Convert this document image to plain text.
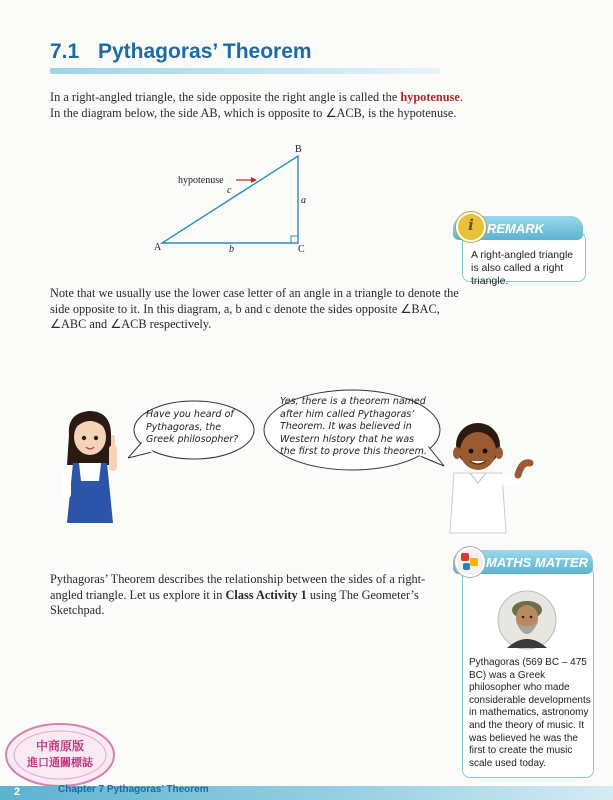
7.1 Pythagoras’ Theorem
In a right-angled triangle, the side opposite the right angle is called the hypotenuse.
In the diagram below, the side AB, which is opposite to ∠ACB, is the hypotenuse.
A
B
C
a
b
c
hypotenuse
A right-angled triangle is also called a right triangle.
i	REMARK
Note that we usually use the lower case letter of an angle in a triangle to denote the side opposite to it. In this diagram, a, b and c denote the sides opposite ∠BAC, ∠ABC and ∠ACB respectively.
Have you heard of Pythagoras, the Greek philosopher?
Yes, there is a theorem named after him called Pythagoras’ Theorem. It was believed in Western history that he was the first to prove this theorem.
Pythagoras’ Theorem describes the relationship between the sides of a right-angled triangle. Let us explore it in Class Activity 1 using The Geometer’s Sketchpad.
Pythagoras (569 BC – 475 BC) was a Greek philosopher who made considerable developments in mathematics, astronomy and the theory of music. It was believed he was the first to create the music scale used today.
MATHS MATTER
中商原版
進口通關標誌
2	Chapter 7 Pythagoras’ Theorem
